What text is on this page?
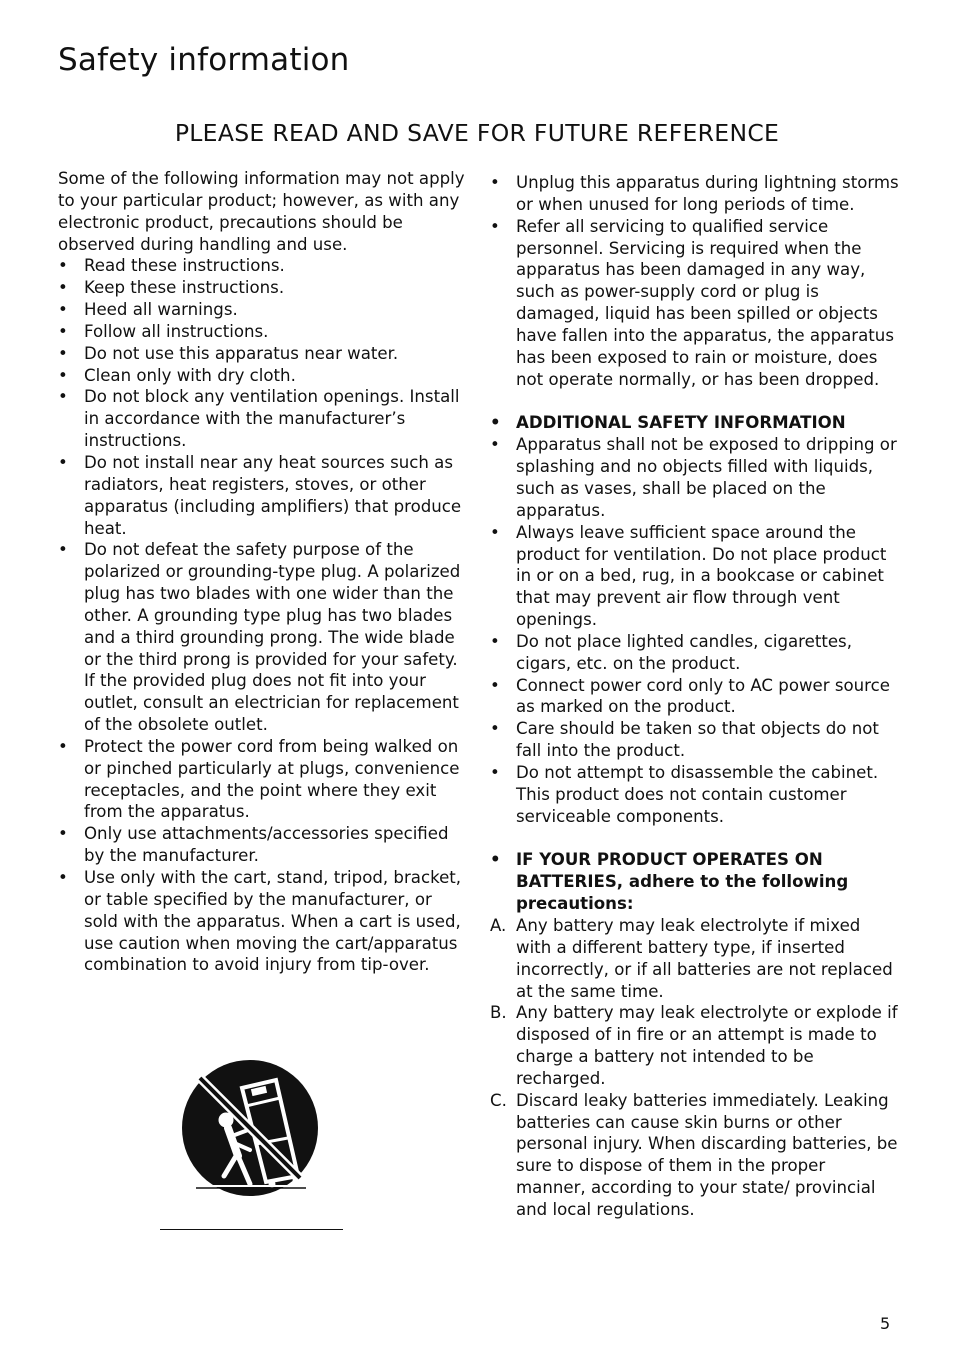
Safety information
PLEASE READ AND SAVE FOR FUTURE REFERENCE

Some of the following information may not apply to your particular product; however, as with any electronic product, precautions should be observed during handling and use.

• Read these instructions.
• Keep these instructions.
• Heed all warnings.
• Follow all instructions.
• Do not use this apparatus near water.
• Clean only with dry cloth.
• Do not block any ventilation openings. Install in accordance with the manufacturer’s instructions.
• Do not install near any heat sources such as radiators, heat registers, stoves, or other apparatus (including amplifiers) that produce heat.
• Do not defeat the safety purpose of the polarized or grounding-type plug. A polarized plug has two blades with one wider than the other. A grounding type plug has two blades and a third grounding prong. The wide blade or the third prong is provided for your safety. If the provided plug does not fit into your outlet, consult an electrician for replacement of the obsolete outlet.
• Protect the power cord from being walked on or pinched particularly at plugs, convenience receptacles, and the point where they exit from the apparatus.
• Only use attachments/accessories specified by the manufacturer.
• Use only with the cart, stand, tripod, bracket, or table specified by the manufacturer, or sold with the apparatus. When a cart is used, use caution when moving the cart/apparatus combination to avoid injury from tip-over.
• Unplug this apparatus during lightning storms or when unused for long periods of time.
• Refer all servicing to qualified service personnel. Servicing is required when the apparatus has been damaged in any way, such as power-supply cord or plug is damaged, liquid has been spilled or objects have fallen into the apparatus, the apparatus has been exposed to rain or moisture, does not operate normally, or has been dropped.
• ADDITIONAL SAFETY INFORMATION
• Apparatus shall not be exposed to dripping or splashing and no objects filled with liquids, such as vases, shall be placed on the apparatus.
• Always leave sufficient space around the product for ventilation. Do not place product in or on a bed, rug, in a bookcase or cabinet that may prevent air flow through vent openings.
• Do not place lighted candles, cigarettes, cigars, etc. on the product.
• Connect power cord only to AC power source as marked on the product.
• Care should be taken so that objects do not fall into the product.
• Do not attempt to disassemble the cabinet. This product does not contain customer serviceable components.
• IF YOUR PRODUCT OPERATES ON BATTERIES, adhere to the following precautions:
A. Any battery may leak electrolyte if mixed with a different battery type, if inserted incorrectly, or if all batteries are not replaced at the same time.
B. Any battery may leak electrolyte or explode if disposed of in fire or an attempt is made to charge a battery not intended to be recharged.
C. Discard leaky batteries immediately. Leaking batteries can cause skin burns or other personal injury. When discarding batteries, be sure to dispose of them in the proper manner, according to your state/ provincial and local regulations.
5
